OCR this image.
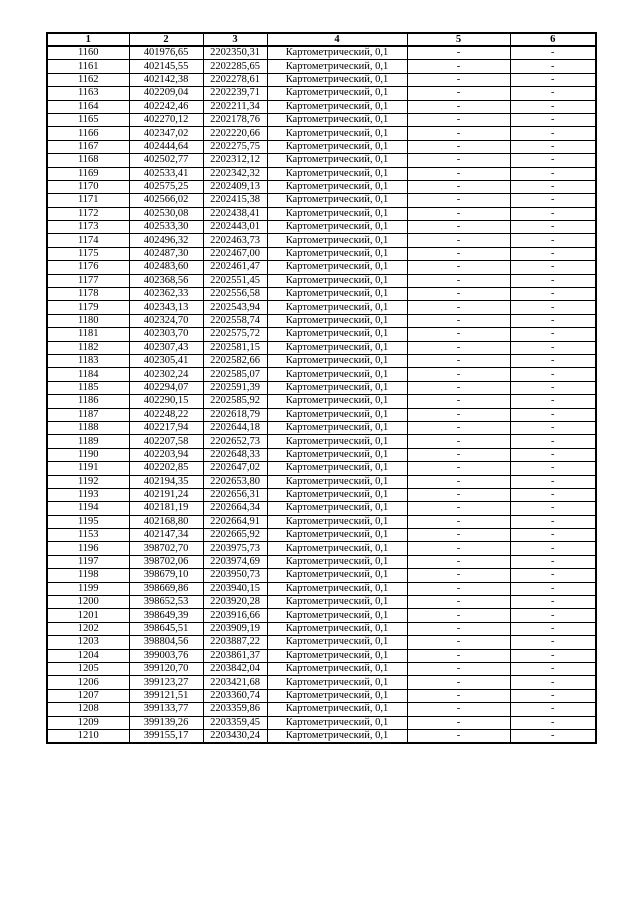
1	2	3	4	5	6
1160	401976,65	2202350,31	Картометрический, 0,1	-	-
1161	402145,55	2202285,65	Картометрический, 0,1	-	-
1162	402142,38	2202278,61	Картометрический, 0,1	-	-
1163	402209,04	2202239,71	Картометрический, 0,1	-	-
1164	402242,46	2202211,34	Картометрический, 0,1	-	-
1165	402270,12	2202178,76	Картометрический, 0,1	-	-
1166	402347,02	2202220,66	Картометрический, 0,1	-	-
1167	402444,64	2202275,75	Картометрический, 0,1	-	-
1168	402502,77	2202312,12	Картометрический, 0,1	-	-
1169	402533,41	2202342,32	Картометрический, 0,1	-	-
1170	402575,25	2202409,13	Картометрический, 0,1	-	-
1171	402566,02	2202415,38	Картометрический, 0,1	-	-
1172	402530,08	2202438,41	Картометрический, 0,1	-	-
1173	402533,30	2202443,01	Картометрический, 0,1	-	-
1174	402496,32	2202463,73	Картометрический, 0,1	-	-
1175	402487,30	2202467,00	Картометрический, 0,1	-	-
1176	402483,60	2202461,47	Картометрический, 0,1	-	-
1177	402368,56	2202551,45	Картометрический, 0,1	-	-
1178	402362,33	2202556,58	Картометрический, 0,1	-	-
1179	402343,13	2202543,94	Картометрический, 0,1	-	-
1180	402324,70	2202558,74	Картометрический, 0,1	-	-
1181	402303,70	2202575,72	Картометрический, 0,1	-	-
1182	402307,43	2202581,15	Картометрический, 0,1	-	-
1183	402305,41	2202582,66	Картометрический, 0,1	-	-
1184	402302,24	2202585,07	Картометрический, 0,1	-	-
1185	402294,07	2202591,39	Картометрический, 0,1	-	-
1186	402290,15	2202585,92	Картометрический, 0,1	-	-
1187	402248,22	2202618,79	Картометрический, 0,1	-	-
1188	402217,94	2202644,18	Картометрический, 0,1	-	-
1189	402207,58	2202652,73	Картометрический, 0,1	-	-
1190	402203,94	2202648,33	Картометрический, 0,1	-	-
1191	402202,85	2202647,02	Картометрический, 0,1	-	-
1192	402194,35	2202653,80	Картометрический, 0,1	-	-
1193	402191,24	2202656,31	Картометрический, 0,1	-	-
1194	402181,19	2202664,34	Картометрический, 0,1	-	-
1195	402168,80	2202664,91	Картометрический, 0,1	-	-
1153	402147,34	2202665,92	Картометрический, 0,1	-	-
1196	398702,70	2203975,73	Картометрический, 0,1	-	-
1197	398702,06	2203974,69	Картометрический, 0,1	-	-
1198	398679,10	2203950,73	Картометрический, 0,1	-	-
1199	398669,86	2203940,15	Картометрический, 0,1	-	-
1200	398652,53	2203920,28	Картометрический, 0,1	-	-
1201	398649,39	2203916,66	Картометрический, 0,1	-	-
1202	398645,51	2203909,19	Картометрический, 0,1	-	-
1203	398804,56	2203887,22	Картометрический, 0,1	-	-
1204	399003,76	2203861,37	Картометрический, 0,1	-	-
1205	399120,70	2203842,04	Картометрический, 0,1	-	-
1206	399123,27	2203421,68	Картометрический, 0,1	-	-
1207	399121,51	2203360,74	Картометрический, 0,1	-	-
1208	399133,77	2203359,86	Картометрический, 0,1	-	-
1209	399139,26	2203359,45	Картометрический, 0,1	-	-
1210	399155,17	2203430,24	Картометрический, 0,1	-	-
